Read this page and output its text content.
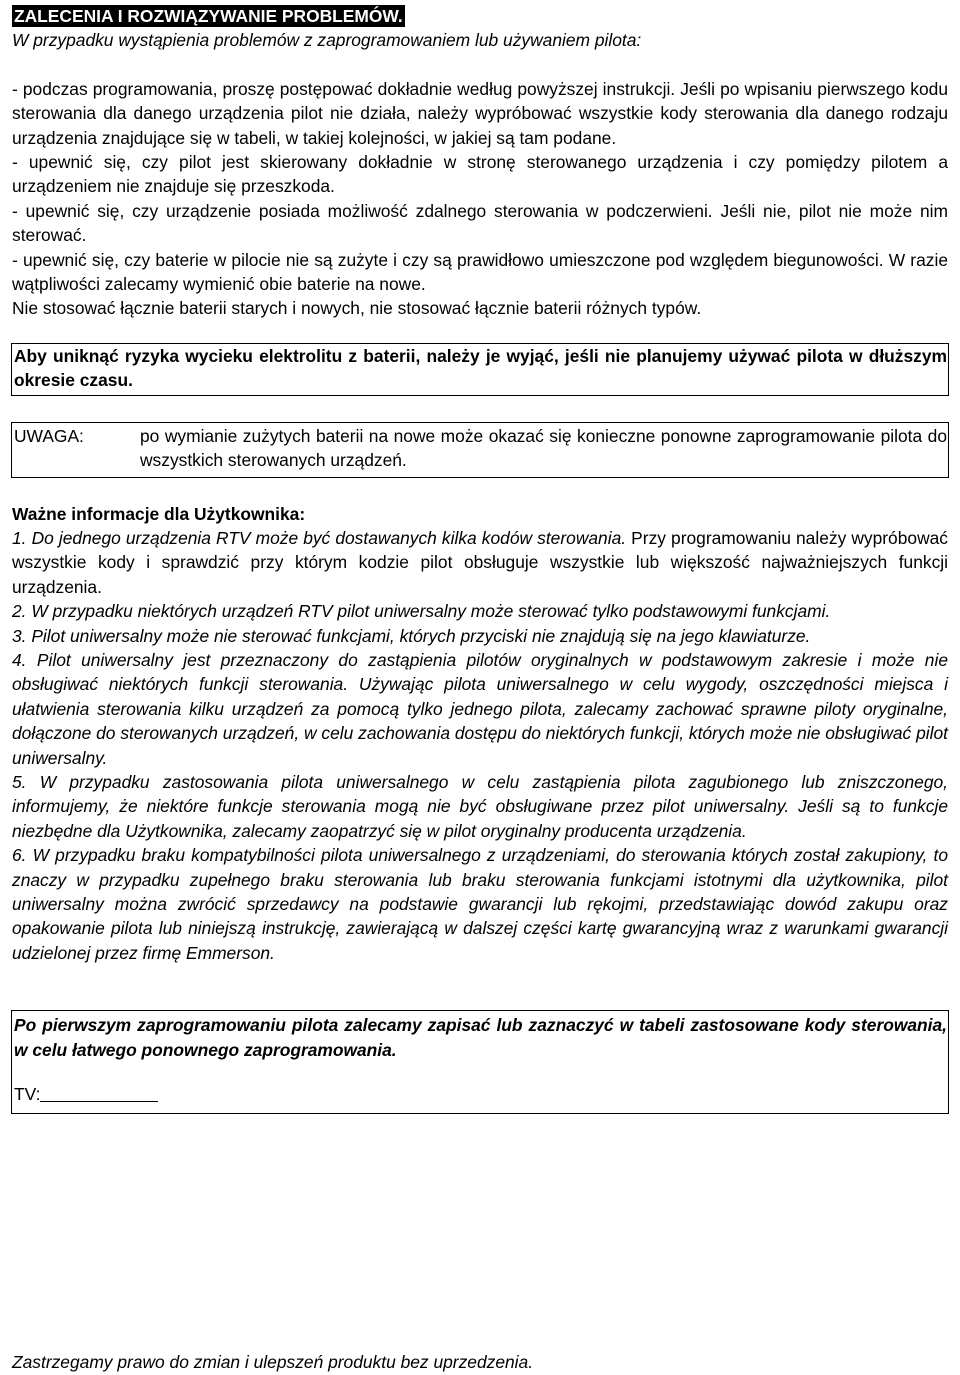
ZALECENIA I ROZWIĄZYWANIE PROBLEMÓW.

W przypadku wystąpienia problemów z zaprogramowaniem lub używaniem pilota:

- podczas programowania, proszę postępować dokładnie według powyższej instrukcji. Jeśli po wpisaniu pierwszego kodu sterowania dla danego urządzenia pilot nie działa, należy wypróbować wszystkie kody sterowania dla danego rodzaju urządzenia znajdujące się w tabeli, w takiej kolejności, w jakiej są tam podane.

- upewnić się, czy pilot jest skierowany dokładnie w stronę sterowanego urządzenia i czy pomiędzy pilotem a urządzeniem nie znajduje się przeszkoda.

- upewnić się, czy urządzenie posiada możliwość zdalnego sterowania w podczerwieni. Jeśli nie, pilot nie może nim sterować.

- upewnić się, czy baterie w pilocie nie są zużyte i czy są prawidłowo umieszczone pod względem biegunowości. W razie wątpliwości zalecamy wymienić obie baterie na nowe.

Nie stosować łącznie baterii starych i nowych, nie stosować łącznie baterii różnych typów.

Aby uniknąć ryzyka wycieku elektrolitu z baterii, należy je wyjąć, jeśli nie planujemy używać pilota w dłuższym okresie czasu.

UWAGA:	po wymianie zużytych baterii na nowe może okazać się konieczne ponowne zaprogramowanie pilota do wszystkich sterowanych urządzeń.
Ważne informacje dla Użytkownika:

1. Do jednego urządzenia RTV może być dostawanych kilka kodów sterowania. Przy programowaniu należy wypróbować wszystkie kody i sprawdzić przy którym kodzie pilot obsługuje wszystkie lub większość najważniejszych funkcji urządzenia.

2. W przypadku niektórych urządzeń RTV pilot uniwersalny może sterować tylko podstawowymi funkcjami.

3. Pilot uniwersalny może nie sterować funkcjami, których przyciski nie znajdują się na jego klawiaturze.

4. Pilot uniwersalny jest przeznaczony do zastąpienia pilotów oryginalnych w podstawowym zakresie i może nie obsługiwać niektórych funkcji sterowania. Używając pilota uniwersalnego w celu wygody, oszczędności miejsca i ułatwienia sterowania kilku urządzeń za pomocą tylko jednego pilota, zalecamy zachować sprawne piloty oryginalne, dołączone do sterowanych urządzeń, w celu zachowania dostępu do niektórych funkcji, których może nie obsługiwać pilot uniwersalny.

5. W przypadku zastosowania pilota uniwersalnego w celu zastąpienia pilota zagubionego lub zniszczonego, informujemy, że niektóre funkcje sterowania mogą nie być obsługiwane przez pilot uniwersalny. Jeśli są to funkcje niezbędne dla Użytkownika, zalecamy zaopatrzyć się w pilot oryginalny producenta urządzenia.

6. W przypadku braku kompatybilności pilota uniwersalnego z urządzeniami, do sterowania których został zakupiony, to znaczy w przypadku zupełnego braku sterowania lub braku sterowania funkcjami istotnymi dla użytkownika, pilot uniwersalny można zwrócić sprzedawcy na podstawie gwarancji lub rękojmi, przedstawiając dowód zakupu oraz opakowanie pilota lub niniejszą instrukcję, zawierającą w dalszej części kartę gwarancyjną wraz z warunkami gwarancji udzielonej przez firmę Emmerson.

Po pierwszym zaprogramowaniu pilota zalecamy zapisać lub zaznaczyć w tabeli zastosowane kody sterowania, w celu łatwego ponownego zaprogramowania.

TV:
Zastrzegamy prawo do zmian i ulepszeń produktu bez uprzedzenia.
